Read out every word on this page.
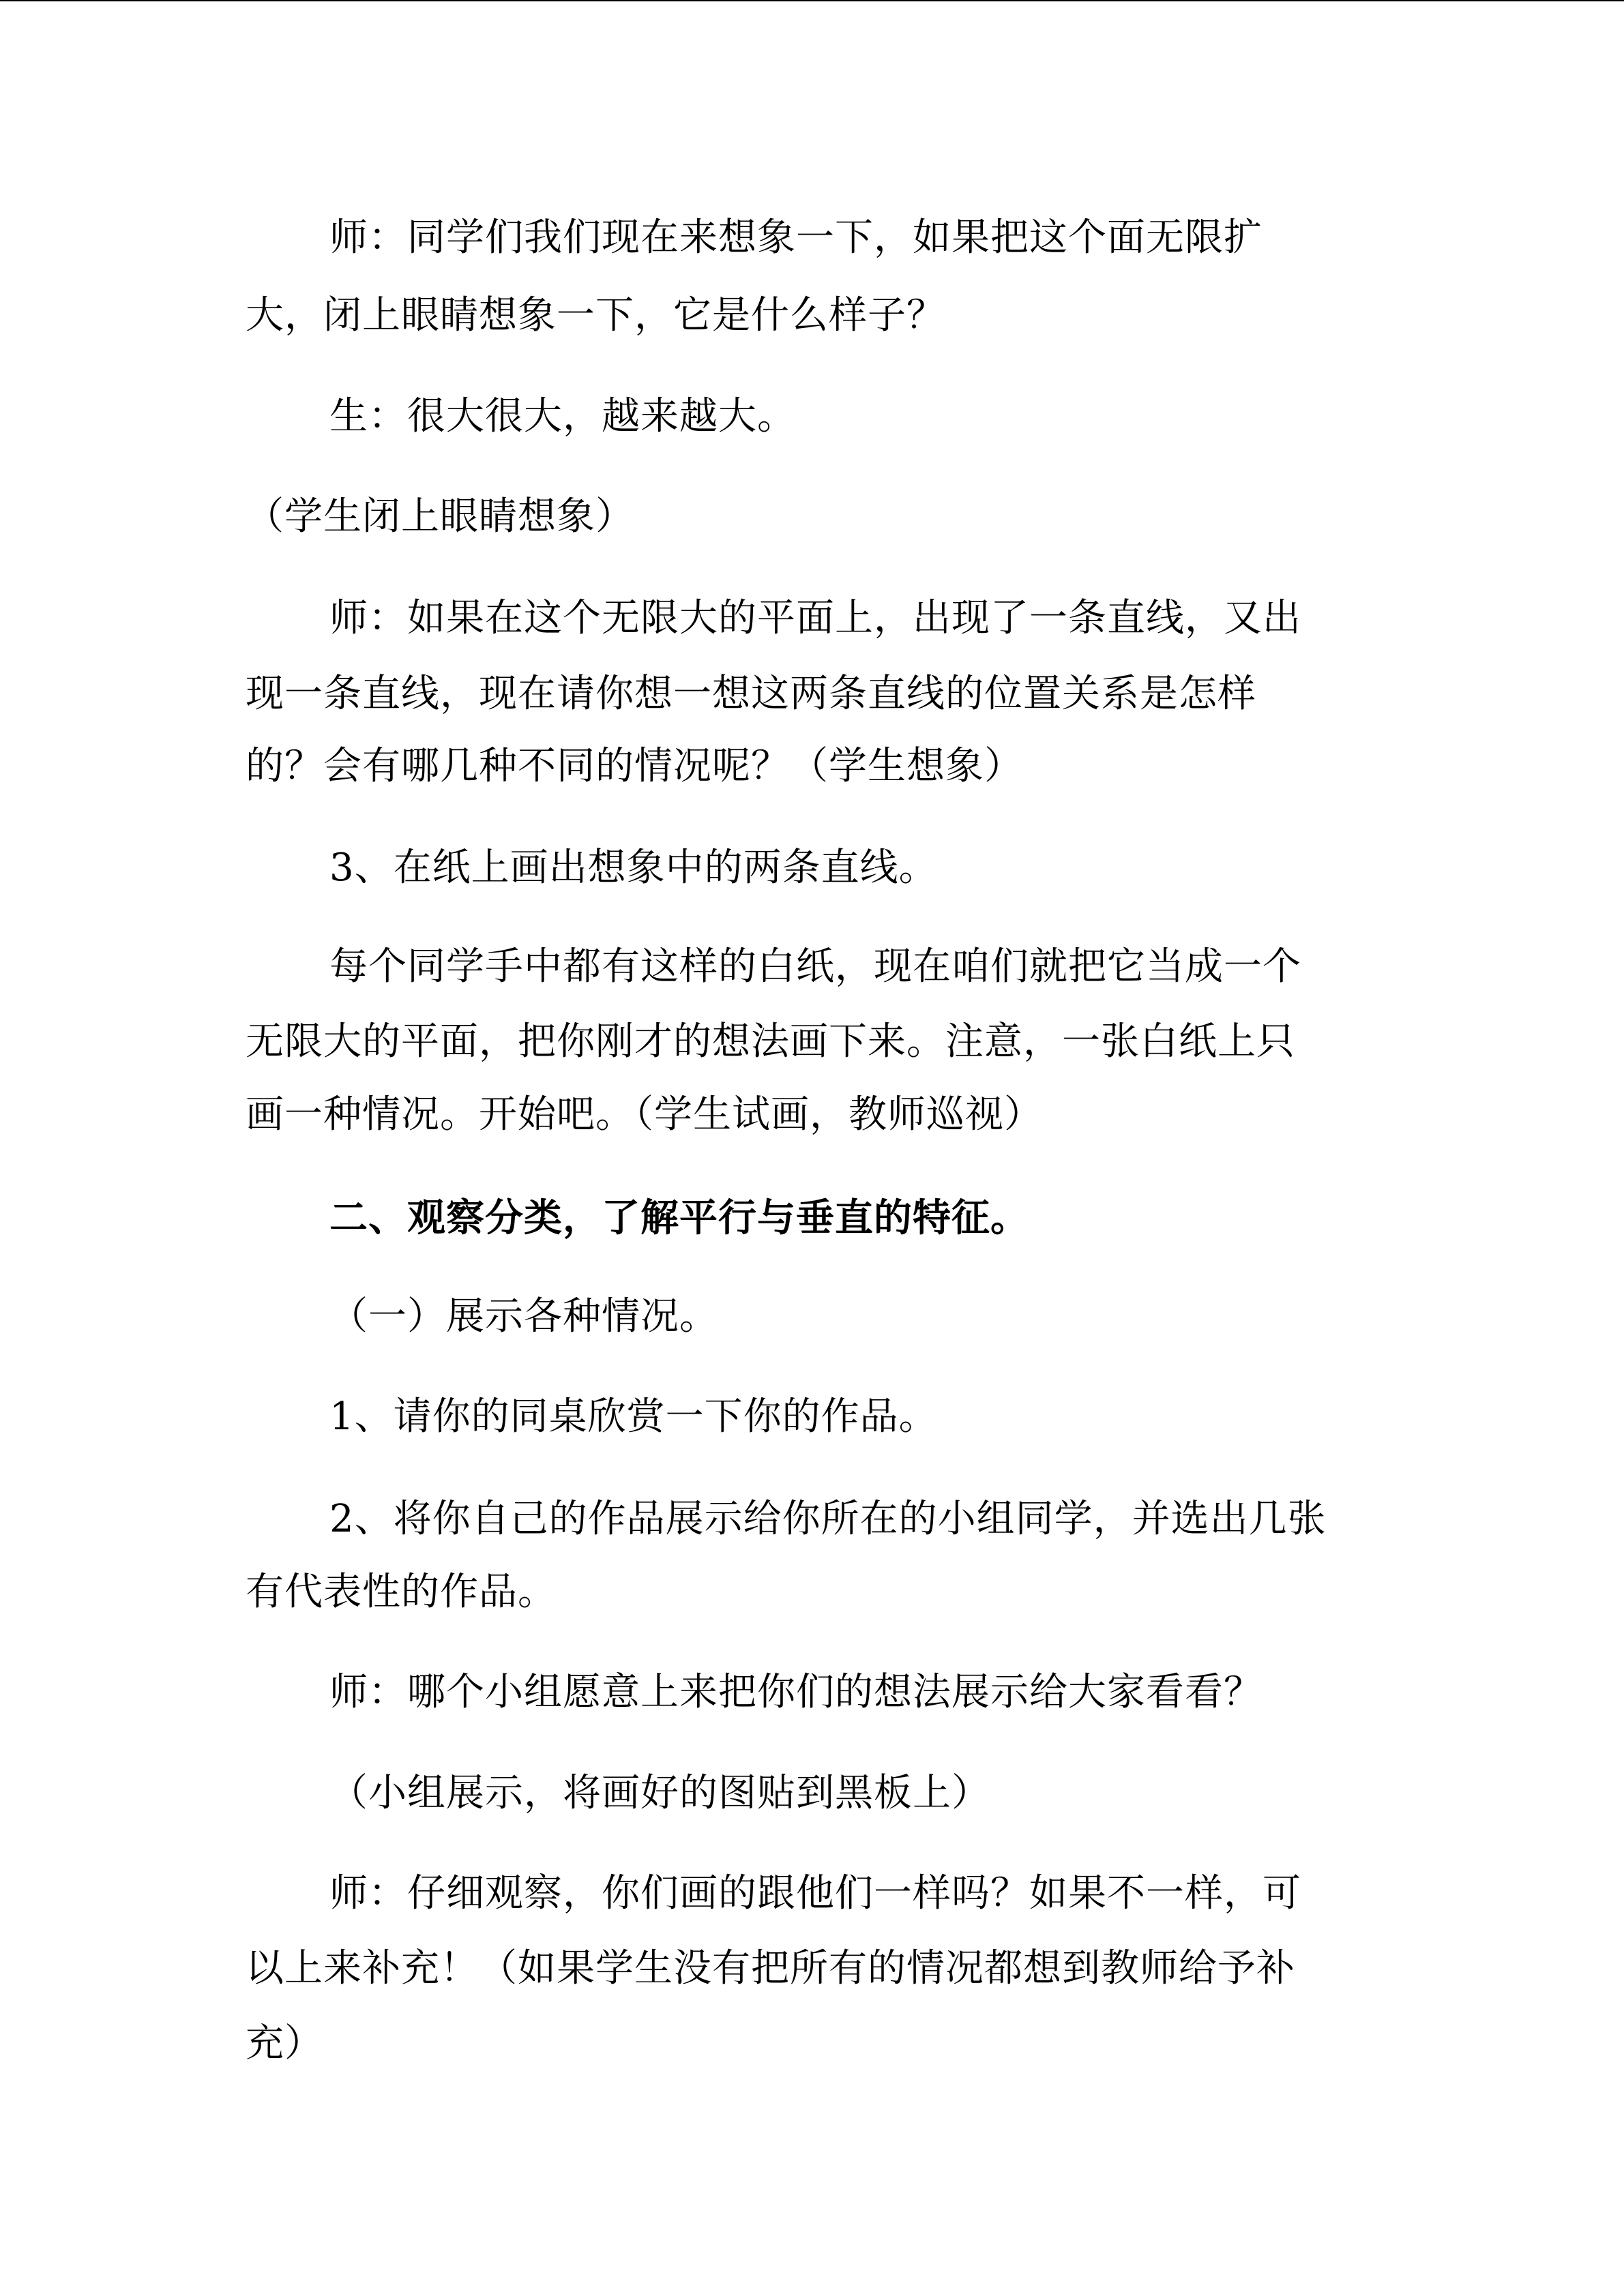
师：同学们我们现在来想象一下，如果把这个面无限扩
大，闭上眼睛想象一下，它是什么样子？
生：很大很大，越来越大。
（学生闭上眼睛想象）
师：如果在这个无限大的平面上，出现了一条直线，又出
现一条直线，现在请你想一想这两条直线的位置关系是怎样
的？会有哪几种不同的情况呢？（学生想象）
3、在纸上画出想象中的两条直线。
每个同学手中都有这样的白纸，现在咱们就把它当成一个
无限大的平面，把你刚才的想法画下来。注意，一张白纸上只
画一种情况。开始吧。（学生试画，教师巡视）
二、观察分类，了解平行与垂直的特征。
（一）展示各种情况。
1、请你的同桌欣赏一下你的作品。
2、将你自己的作品展示给你所在的小组同学，并选出几张
有代表性的作品。
师：哪个小组愿意上来把你们的想法展示给大家看看？
（小组展示，将画好的图贴到黑板上）
师：仔细观察，你们画的跟他们一样吗？如果不一样，可
以上来补充！（如果学生没有把所有的情况都想到教师给予补
充）
